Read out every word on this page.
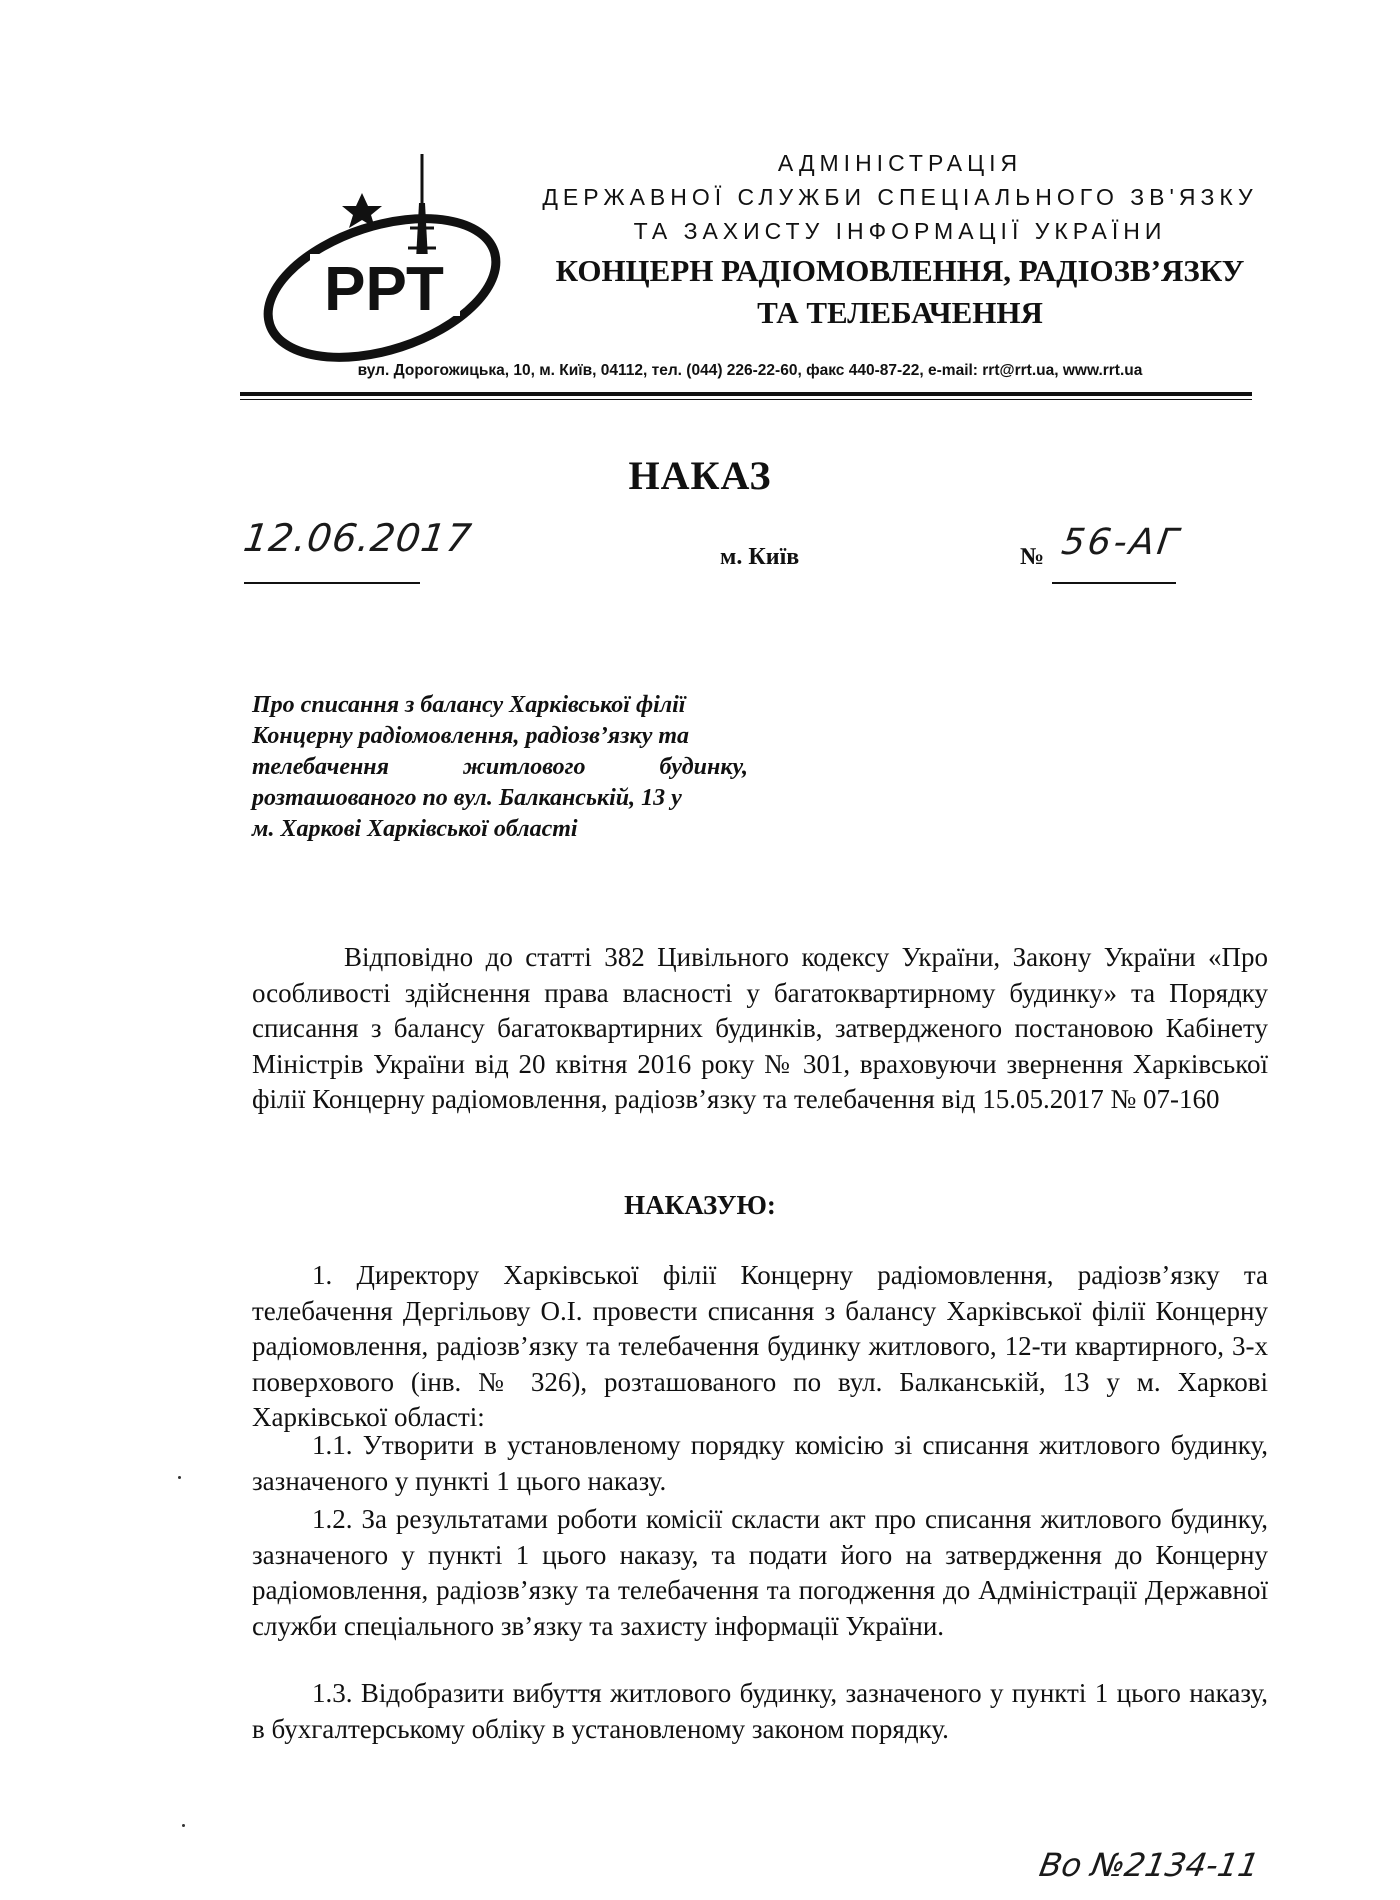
РРТ
АДМІНІСТРАЦІЯ
ДЕРЖАВНОЇ СЛУЖБИ СПЕЦІАЛЬНОГО ЗВ'ЯЗКУ
ТА ЗАХИСТУ ІНФОРМАЦІЇ УКРАЇНИ
КОНЦЕРН РАДІОМОВЛЕННЯ, РАДІОЗВ’ЯЗКУ
ТА ТЕЛЕБАЧЕННЯ
вул. Дорогожицька, 10, м. Київ, 04112, тел. (044) 226-22-60, факс 440-87-22, e-mail: rrt@rrt.ua, www.rrt.ua
НАКАЗ
12.06.2017	м. Київ	№ 56-АГ
Про списання з балансу Харківської філії
Концерну радіомовлення, радіозв’язку та
телебачення	житлового	будинку,
розташованого по вул. Балканській, 13 у
м. Харкові Харківської області
Відповідно до статті 382 Цивільного кодексу України, Закону України «Про особливості здійснення права власності у багатоквартирному будинку» та Порядку списання з балансу багатоквартирних будинків, затвердженого постановою Кабінету Міністрів України від 20 квітня 2016 року № 301, враховуючи звернення Харківської філії Концерну радіомовлення, радіозв’язку та телебачення від 15.05.2017 № 07-160
НАКАЗУЮ:
1. Директору Харківської філії Концерну радіомовлення, радіозв’язку та телебачення Дергільову О.І. провести списання з балансу Харківської філії Концерну радіомовлення, радіозв’язку та телебачення будинку житлового, 12-ти квартирного, 3-х поверхового (інв. № 326), розташованого по вул. Балканській, 13 у м. Харкові Харківської області:
1.1. Утворити в установленому порядку комісію зі списання житлового будинку, зазначеного у пункті 1 цього наказу.
1.2. За результатами роботи комісії скласти акт про списання житлового будинку, зазначеного у пункті 1 цього наказу, та подати його на затвердження до Концерну радіомовлення, радіозв’язку та телебачення та погодження до Адміністрації Державної служби спеціального зв’язку та захисту інформації України.
1.3. Відобразити вибуття житлового будинку, зазначеного у пункті 1 цього наказу, в бухгалтерському обліку в установленому законом порядку.
Во №2134-11
